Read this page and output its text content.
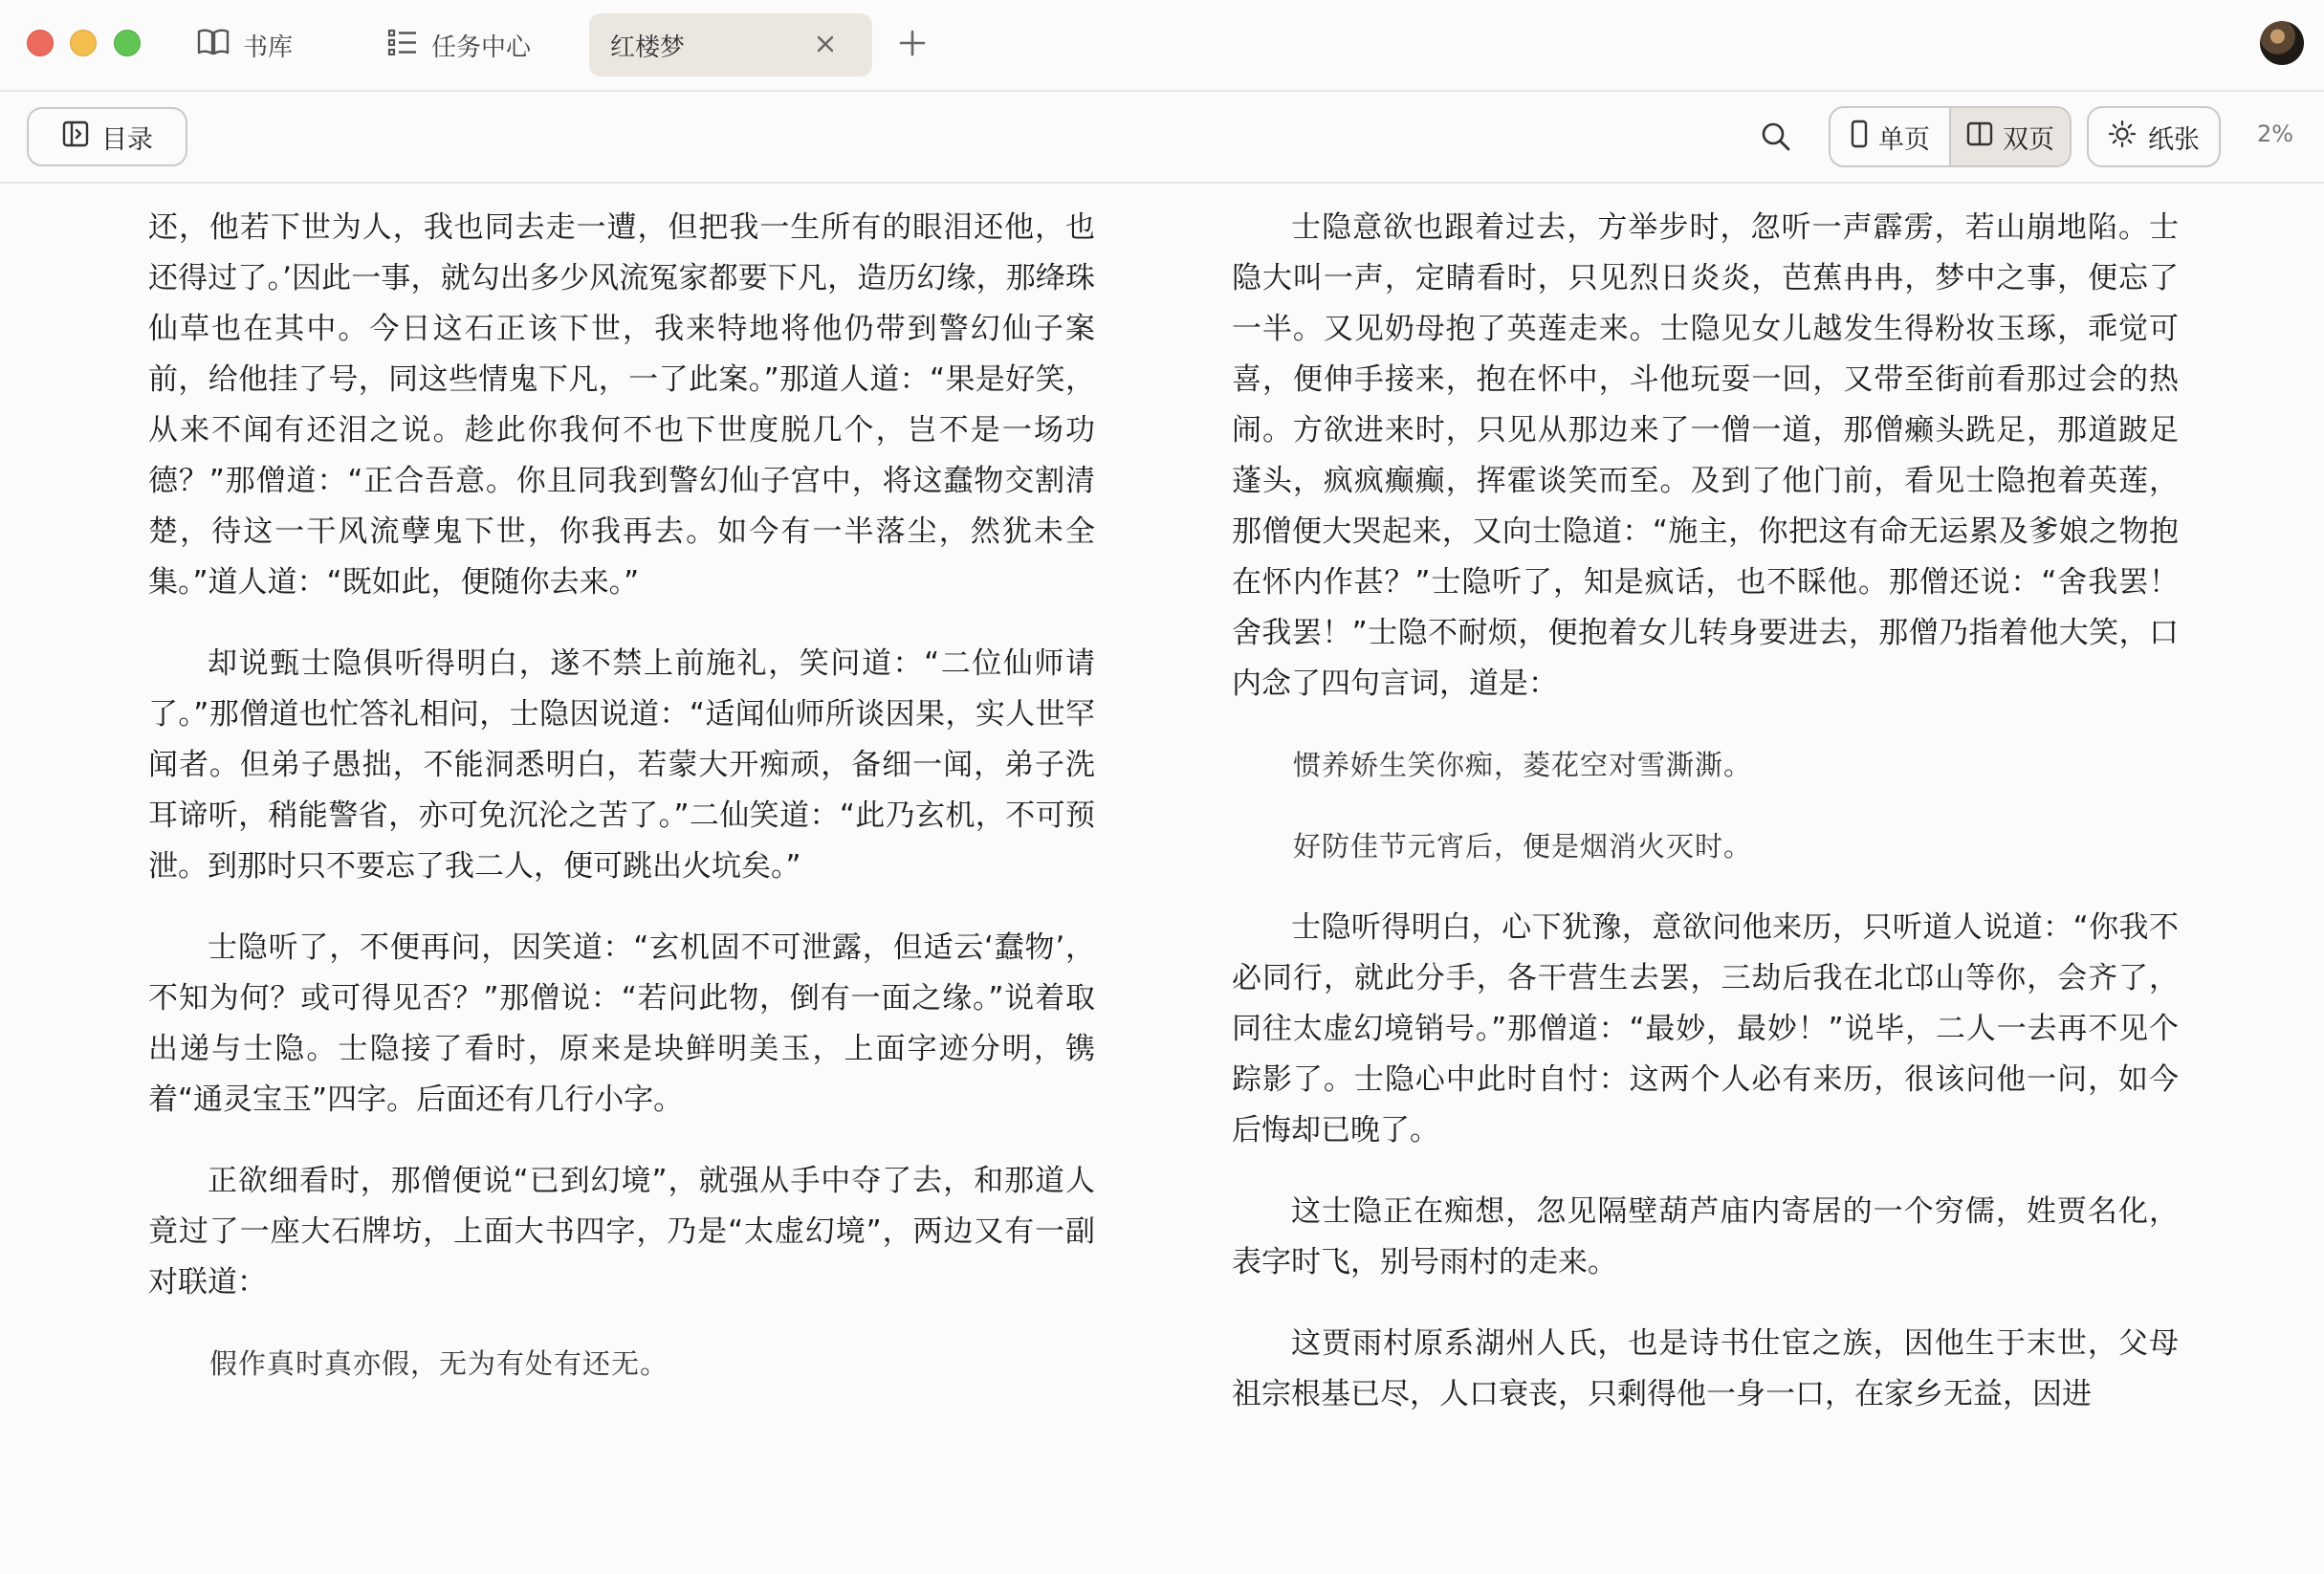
书库	任务中心	红楼梦
目录	单页	双页	纸张	2%

还，他若下世为人，我也同去走一遭，但把我一生所有的眼泪还他，也还得过了。’因此一事，就勾出多少风流冤家都要下凡，造历幻缘，那绛珠仙草也在其中。今日这石正该下世，我来特地将他仍带到警幻仙子案前，给他挂了号，同这些情鬼下凡，一了此案。”那道人道：“果是好笑，从来不闻有还泪之说。趁此你我何不也下世度脱几个，岂不是一场功德？”那僧道：“正合吾意。你且同我到警幻仙子宫中，将这蠢物交割清楚，待这一干风流孽鬼下世，你我再去。如今有一半落尘，然犹未全集。”道人道：“既如此，便随你去来。”

却说甄士隐俱听得明白，遂不禁上前施礼，笑问道：“二位仙师请了。”那僧道也忙答礼相问，士隐因说道：“适闻仙师所谈因果，实人世罕闻者。但弟子愚拙，不能洞悉明白，若蒙大开痴顽，备细一闻，弟子洗耳谛听，稍能警省，亦可免沉沦之苦了。”二仙笑道：“此乃玄机，不可预泄。到那时只不要忘了我二人，便可跳出火坑矣。”

士隐听了，不便再问，因笑道：“玄机固不可泄露，但适云‘蠢物’，不知为何？或可得见否？”那僧说：“若问此物，倒有一面之缘。”说着取出递与士隐。士隐接了看时，原来是块鲜明美玉，上面字迹分明，镌着“通灵宝玉”四字。后面还有几行小字。

正欲细看时，那僧便说“已到幻境”，就强从手中夺了去，和那道人竟过了一座大石牌坊，上面大书四字，乃是“太虚幻境”，两边又有一副对联道：

假作真时真亦假，无为有处有还无。

士隐意欲也跟着过去，方举步时，忽听一声霹雳，若山崩地陷。士隐大叫一声，定睛看时，只见烈日炎炎，芭蕉冉冉，梦中之事，便忘了一半。又见奶母抱了英莲走来。士隐见女儿越发生得粉妆玉琢，乖觉可喜，便伸手接来，抱在怀中，斗他玩耍一回，又带至街前看那过会的热闹。方欲进来时，只见从那边来了一僧一道，那僧癞头跣足，那道跛足蓬头，疯疯癫癫，挥霍谈笑而至。及到了他门前，看见士隐抱着英莲，那僧便大哭起来，又向士隐道：“施主，你把这有命无运累及爹娘之物抱在怀内作甚？”士隐听了，知是疯话，也不睬他。那僧还说：“舍我罢！舍我罢！”士隐不耐烦，便抱着女儿转身要进去，那僧乃指着他大笑，口内念了四句言词，道是：

惯养娇生笑你痴，菱花空对雪澌澌。

好防佳节元宵后，便是烟消火灭时。

士隐听得明白，心下犹豫，意欲问他来历，只听道人说道：“你我不必同行，就此分手，各干营生去罢，三劫后我在北邙山等你，会齐了，同往太虚幻境销号。”那僧道：“最妙，最妙！”说毕，二人一去再不见个踪影了。士隐心中此时自忖：这两个人必有来历，很该问他一问，如今后悔却已晚了。

这士隐正在痴想，忽见隔壁葫芦庙内寄居的一个穷儒，姓贾名化，表字时飞，别号雨村的走来。

这贾雨村原系湖州人氏，也是诗书仕宦之族，因他生于末世，父母祖宗根基已尽，人口衰丧，只剩得他一身一口，在家乡无益，因进
